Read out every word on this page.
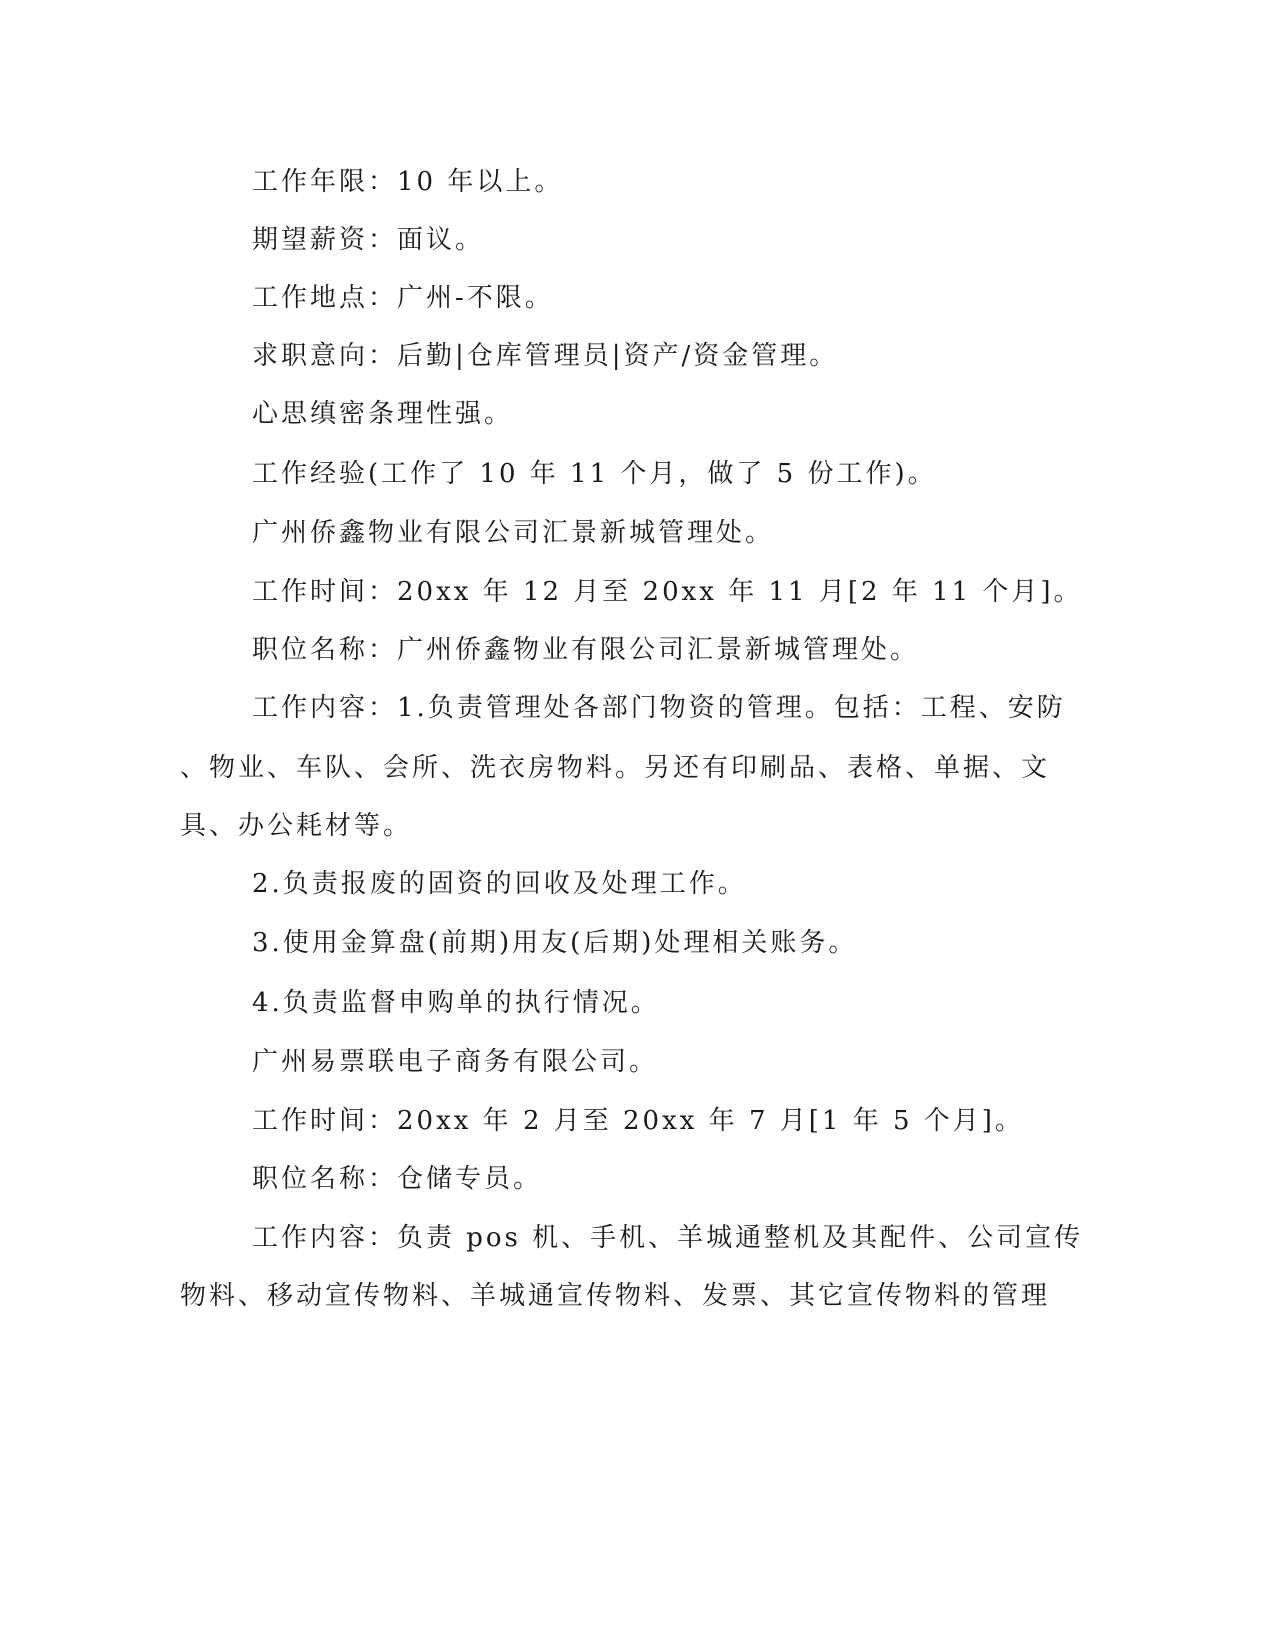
工作年限：10 年以上。

期望薪资：面议。

工作地点：广州-不限。

求职意向：后勤|仓库管理员|资产/资金管理。

心思缜密条理性强。

工作经验(工作了 10 年 11 个月，做了 5 份工作)。

广州侨鑫物业有限公司汇景新城管理处。

工作时间：20xx 年 12 月至 20xx 年 11 月[2 年 11 个月]。

职位名称：广州侨鑫物业有限公司汇景新城管理处。

工作内容：1.负责管理处各部门物资的管理。包括：工程、安防

、物业、车队、会所、洗衣房物料。另还有印刷品、表格、单据、文

具、办公耗材等。

2.负责报废的固资的回收及处理工作。

3.使用金算盘(前期)用友(后期)处理相关账务。

4.负责监督申购单的执行情况。

广州易票联电子商务有限公司。

工作时间：20xx 年 2 月至 20xx 年 7 月[1 年 5 个月]。

职位名称：仓储专员。

工作内容：负责 pos 机、手机、羊城通整机及其配件、公司宣传

物料、移动宣传物料、羊城通宣传物料、发票、其它宣传物料的管理
